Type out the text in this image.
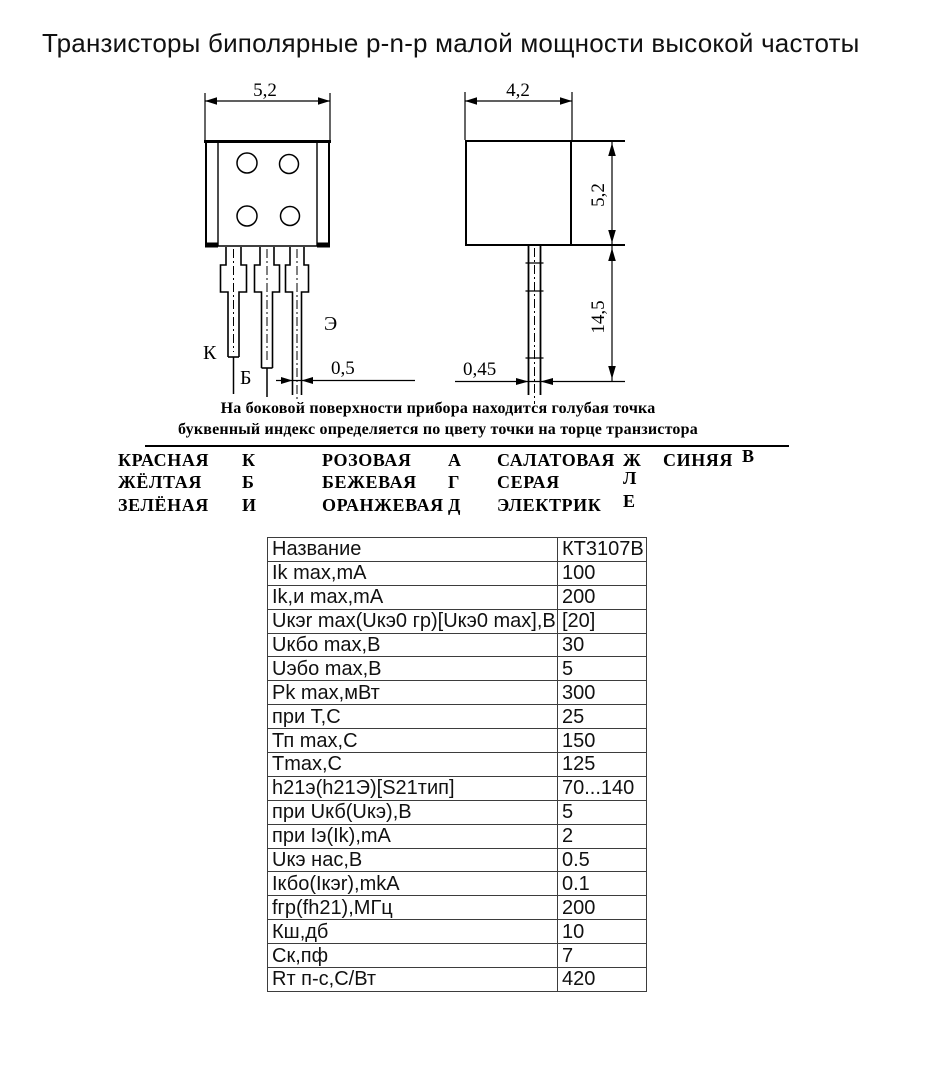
Транзисторы биполярные p-n-p малой мощности высокой частоты
5,2
0,5
К
Б
Э
4,2
5,2
14,5
0,45
На боковой поверхности прибора находится голубая точка
буквенный индекс определяется по цвету точки на торце транзистора
КРАСНАЯ	К	РОЗОВАЯ	А	САЛАТОВАЯ Ж	СИНЯЯ В
ЖЁЛТАЯ	Б	БЕЖЕВАЯ	Г	СЕРАЯ	Л
ЗЕЛЁНАЯ	И	ОРАНЖЕВАЯ Д	ЭЛЕКТРИК	Е
Название	КТ3107В
Ik max,mA	100
Ik,и max,mA	200
Uкэr max(Uкэ0 гр)[Uкэ0 max],В	[20]
Uкбо max,В	30
Uэбо max,В	5
Pk max,мВт	300
при Т,С	25
Тп max,С	150
Tmax,С	125
h21э(h21Э)[S21тип]	70...140
при Uкб(Uкэ),В	5
при Iэ(Ik),mA	2
Uкэ нас,В	0.5
Iкбо(Iкэr),mkA	0.1
fгр(fh21),МГц	200
Кш,дб	10
Ск,пф	7
Rт п-с,С/Вт	420
